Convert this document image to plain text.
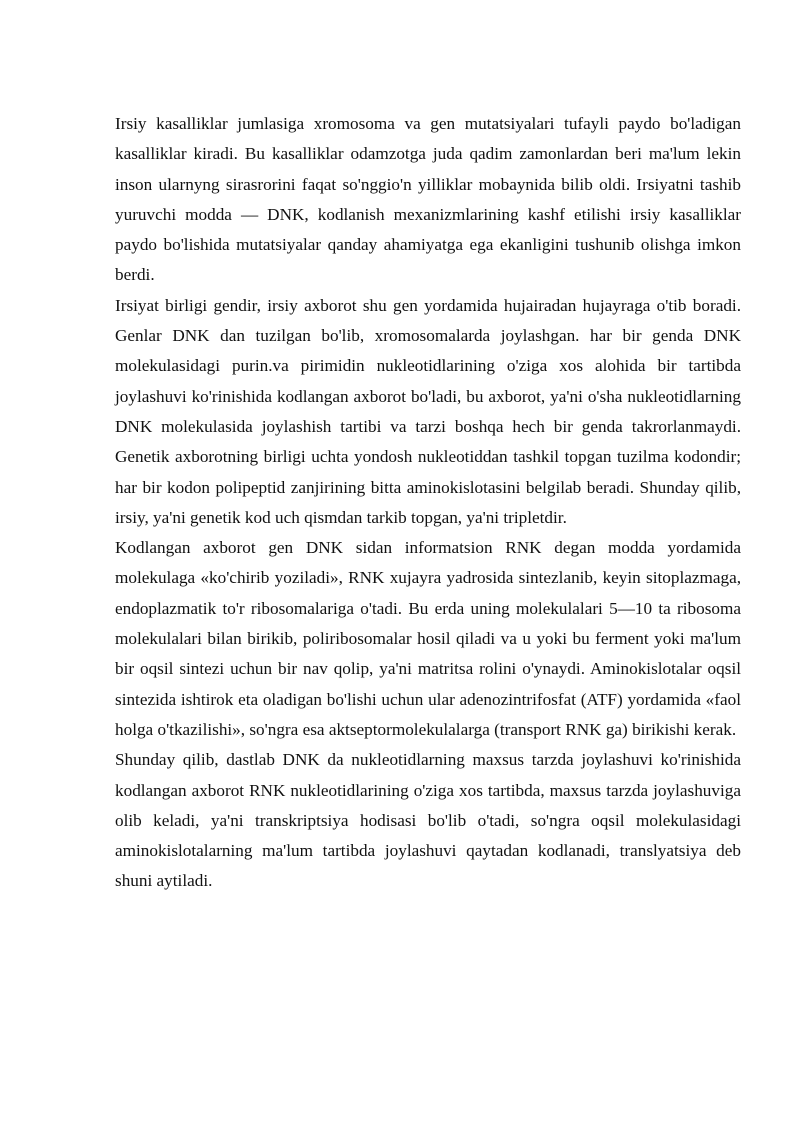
Irsiy kasalliklar jumlasiga xromosoma va gen mutatsiyalari tufayli paydo bo'ladigan kasalliklar kiradi. Bu kasalliklar odamzotga juda qadim zamonlardan beri ma'lum lekin inson ularnyng sirasrorini faqat so'nggio'n yilliklar mobaynida bilib oldi. Irsiyatni tashib yuruvchi modda — DNK, kodlanish mexanizmlarining kashf etilishi irsiy kasalliklar paydo bo'lishida mutatsiyalar qanday ahamiyatga ega ekanligini tushunib olishga imkon berdi.

Irsiyat birligi gendir, irsiy axborot shu gen yordamida hujairadan hujayraga o'tib boradi. Genlar DNK dan tuzilgan bo'lib, xromosomalarda joylashgan. har bir genda DNK molekulasidagi purin.va pirimidin nukleotidlarining o'ziga xos alohida bir tartibda joylashuvi ko'rinishida kodlangan axborot bo'ladi, bu axborot, ya'ni o'sha nukleotidlarning DNK molekulasida joylashish tartibi va tarzi boshqa hech bir genda takrorlanmaydi. Genetik axborotning birligi uchta yondosh nukleotiddan tashkil topgan tuzilma kodondir; har bir kodon polipeptid zanjirining bitta aminokislotasini belgilab beradi. Shunday qilib, irsiy, ya'ni genetik kod uch qismdan tarkib topgan, ya'ni tripletdir.

Kodlangan axborot gen DNK sidan informatsion RNK degan modda yordamida molekulaga «ko'chirib yoziladi», RNK xujayra yadrosida sintezlanib, keyin sitoplazmaga, endoplazmatik to'r ribosomalariga o'tadi. Bu erda uning molekulalari 5—10 ta ribosoma molekulalari bilan birikib, poliribosomalar hosil qiladi va u yoki bu ferment yoki ma'lum bir oqsil sintezi uchun bir nav qolip, ya'ni matritsa rolini o'ynaydi. Aminokislotalar oqsil sintezida ishtirok eta oladigan bo'lishi uchun ular adenozintrifosfat (ATF) yordamida «faol holga o'tkazilishi», so'ngra esa aktseptormolekulalarga (transport RNK ga) birikishi kerak.

Shunday qilib, dastlab DNK da nukleotidlarning maxsus tarzda joylashuvi ko'rinishida kodlangan axborot RNK nukleotidlarining o'ziga xos tartibda, maxsus tarzda joylashuviga olib keladi, ya'ni transkriptsiya hodisasi bo'lib o'tadi, so'ngra oqsil molekulasidagi aminokislotalarning ma'lum tartibda joylashuvi qaytadan kodlanadi, translyatsiya deb shuni aytiladi.
